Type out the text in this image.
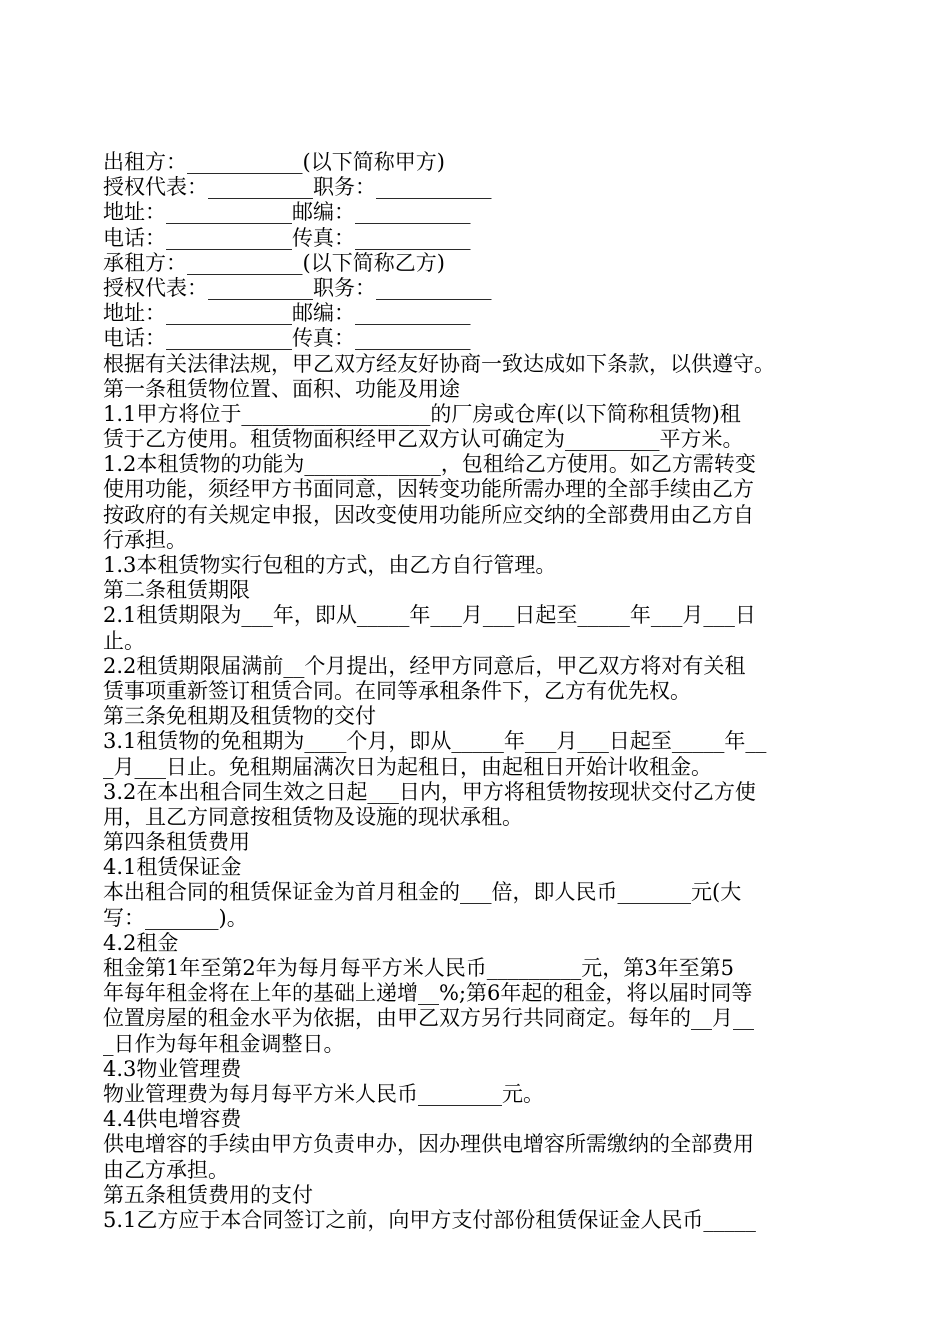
出租方：___________(以下简称甲方)
授权代表：__________职务：___________
地址：____________邮编：___________
电话：____________传真：___________
承租方：___________(以下简称乙方)
授权代表：__________职务：___________
地址：____________邮编：___________
电话：____________传真：___________
根据有关法律法规，甲乙双方经友好协商一致达成如下条款，以供遵守。
第一条租赁物位置、面积、功能及用途
1.1甲方将位于__________________的厂房或仓库(以下简称租赁物)租
赁于乙方使用。租赁物面积经甲乙双方认可确定为_________平方米。
1.2本租赁物的功能为_____________，包租给乙方使用。如乙方需转变
使用功能，须经甲方书面同意，因转变功能所需办理的全部手续由乙方
按政府的有关规定申报，因改变使用功能所应交纳的全部费用由乙方自
行承担。
1.3本租赁物实行包租的方式，由乙方自行管理。
第二条租赁期限
2.1租赁期限为___年，即从_____年___月___日起至_____年___月___日
止。
2.2租赁期限届满前__个月提出，经甲方同意后，甲乙双方将对有关租
赁事项重新签订租赁合同。在同等承租条件下，乙方有优先权。
第三条免租期及租赁物的交付
3.1租赁物的免租期为____个月，即从_____年___月___日起至_____年__
_月___日止。免租期届满次日为起租日，由起租日开始计收租金。
3.2在本出租合同生效之日起___日内，甲方将租赁物按现状交付乙方使
用，且乙方同意按租赁物及设施的现状承租。
第四条租赁费用
4.1租赁保证金
本出租合同的租赁保证金为首月租金的___倍，即人民币_______元(大
写：_______)。
4.2租金
租金第1年至第2年为每月每平方米人民币_________元，第3年至第5
年每年租金将在上年的基础上递增__%;第6年起的租金，将以届时同等
位置房屋的租金水平为依据，由甲乙双方另行共同商定。每年的__月__
_日作为每年租金调整日。
4.3物业管理费
物业管理费为每月每平方米人民币________元。
4.4供电增容费
供电增容的手续由甲方负责申办，因办理供电增容所需缴纳的全部费用
由乙方承担。
第五条租赁费用的支付
5.1乙方应于本合同签订之前，向甲方支付部份租赁保证金人民币_____
